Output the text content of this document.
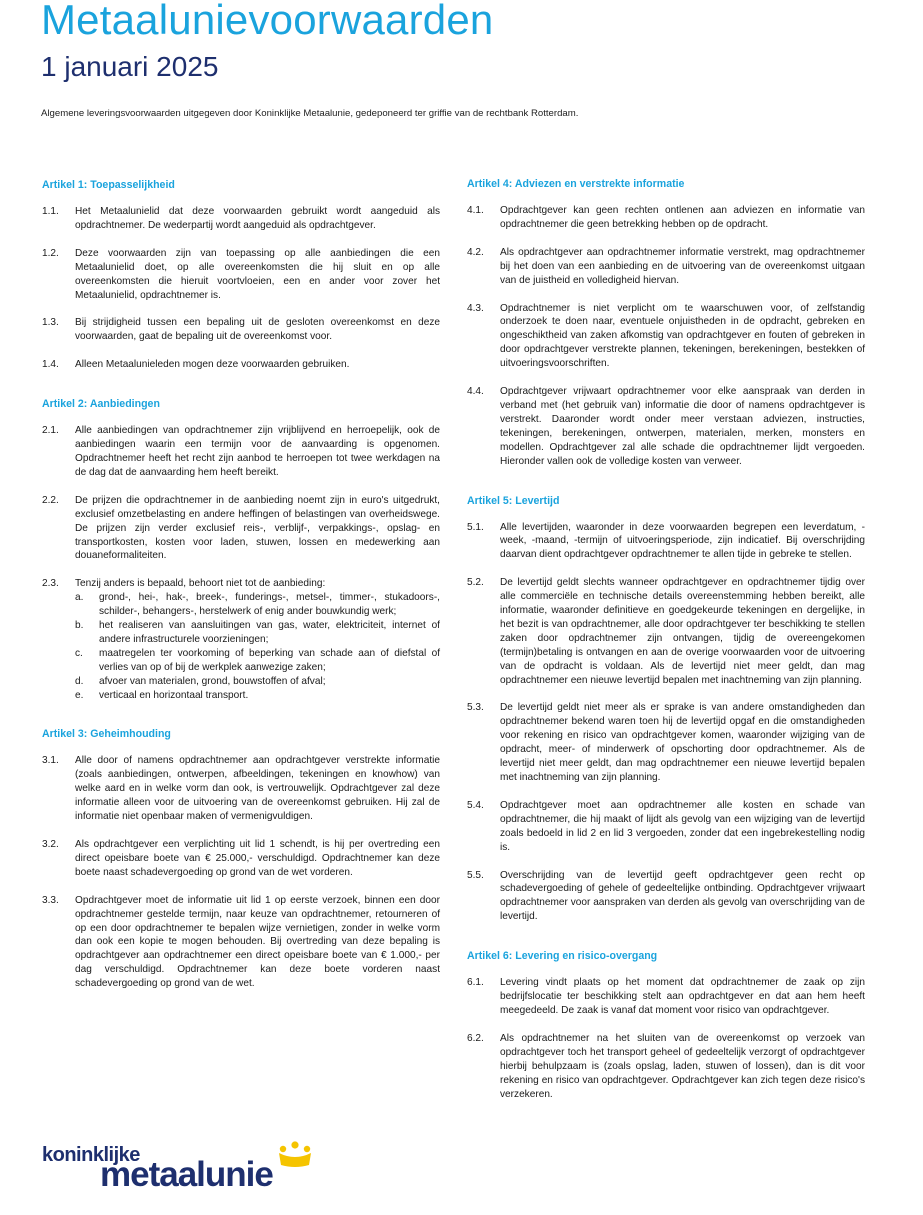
Metaalunievoorwaarden
1 januari 2025
Algemene leveringsvoorwaarden uitgegeven door Koninklijke Metaalunie, gedeponeerd ter griffie van de rechtbank Rotterdam.
Artikel 1: Toepasselijkheid
1.1.	Het Metaalunielid dat deze voorwaarden gebruikt wordt aangeduid als opdrachtnemer. De wederpartij wordt aangeduid als opdrachtgever.
1.2.	Deze voorwaarden zijn van toepassing op alle aanbiedingen die een Metaalunielid doet, op alle overeenkomsten die hij sluit en op alle overeenkomsten die hieruit voortvloeien, een en ander voor zover het Metaalunielid, opdrachtnemer is.
1.3.	Bij strijdigheid tussen een bepaling uit de gesloten overeenkomst en deze voorwaarden, gaat de bepaling uit de overeenkomst voor.
1.4.	Alleen Metaalunieleden mogen deze voorwaarden gebruiken.
Artikel 2: Aanbiedingen
2.1.	Alle aanbiedingen van opdrachtnemer zijn vrijblijvend en herroepelijk, ook de aanbiedingen waarin een termijn voor de aanvaarding is opgenomen. Opdrachtnemer heeft het recht zijn aanbod te herroepen tot twee werkdagen na de dag dat de aanvaarding hem heeft bereikt.
2.2.	De prijzen die opdrachtnemer in de aanbieding noemt zijn in euro's uitgedrukt, exclusief omzetbelasting en andere heffingen of belastingen van overheidswege. De prijzen zijn verder exclusief reis-, verblijf-, verpakkings-, opslag- en transportkosten, kosten voor laden, stuwen, lossen en medewerking aan douaneformaliteiten.
2.3.	Tenzij anders is bepaald, behoort niet tot de aanbieding:
a.	grond-, hei-, hak-, breek-, funderings-, metsel-, timmer-, stukadoors-, schilder-, behangers-, herstelwerk of enig ander bouwkundig werk;
b.	het realiseren van aansluitingen van gas, water, elektriciteit, internet of andere infrastructurele voorzieningen;
c.	maatregelen ter voorkoming of beperking van schade aan of diefstal of verlies van op of bij de werkplek aanwezige zaken;
d.	afvoer van materialen, grond, bouwstoffen of afval;
e.	verticaal en horizontaal transport.
Artikel 3: Geheimhouding
3.1.	Alle door of namens opdrachtnemer aan opdrachtgever verstrekte informatie (zoals aanbiedingen, ontwerpen, afbeeldingen, tekeningen en knowhow) van welke aard en in welke vorm dan ook, is vertrouwelijk. Opdrachtgever zal deze informatie alleen voor de uitvoering van de overeenkomst gebruiken. Hij zal de informatie niet openbaar maken of vermenigvuldigen.
3.2.	Als opdrachtgever een verplichting uit lid 1 schendt, is hij per overtreding een direct opeisbare boete van € 25.000,- verschuldigd. Opdrachtnemer kan deze boete naast schadevergoeding op grond van de wet vorderen.
3.3.	Opdrachtgever moet de informatie uit lid 1 op eerste verzoek, binnen een door opdrachtnemer gestelde termijn, naar keuze van opdrachtnemer, retourneren of op een door opdrachtnemer te bepalen wijze vernietigen, zonder in welke vorm dan ook een kopie te mogen behouden. Bij overtreding van deze bepaling is opdrachtgever aan opdrachtnemer een direct opeisbare boete van € 1.000,- per dag verschuldigd. Opdrachtnemer kan deze boete vorderen naast schadevergoeding op grond van de wet.
Artikel 4: Adviezen en verstrekte informatie
4.1.	Opdrachtgever kan geen rechten ontlenen aan adviezen en informatie van opdrachtnemer die geen betrekking hebben op de opdracht.
4.2.	Als opdrachtgever aan opdrachtnemer informatie verstrekt, mag opdrachtnemer bij het doen van een aanbieding en de uitvoering van de overeenkomst uitgaan van de juistheid en volledigheid hiervan.
4.3.	Opdrachtnemer is niet verplicht om te waarschuwen voor, of zelfstandig onderzoek te doen naar, eventuele onjuistheden in de opdracht, gebreken en ongeschiktheid van zaken afkomstig van opdrachtgever en fouten of gebreken in door opdrachtgever verstrekte plannen, tekeningen, berekeningen, bestekken of uitvoeringsvoorschriften.
4.4.	Opdrachtgever vrijwaart opdrachtnemer voor elke aanspraak van derden in verband met (het gebruik van) informatie die door of namens opdrachtgever is verstrekt. Daaronder wordt onder meer verstaan adviezen, instructies, tekeningen, berekeningen, ontwerpen, materialen, merken, monsters en modellen. Opdrachtgever zal alle schade die opdrachtnemer lijdt vergoeden. Hieronder vallen ook de volledige kosten van verweer.
Artikel 5: Levertijd
5.1.	Alle levertijden, waaronder in deze voorwaarden begrepen een leverdatum, -week, -maand, -termijn of uitvoeringsperiode, zijn indicatief. Bij overschrijding daarvan dient opdrachtgever opdrachtnemer te allen tijde in gebreke te stellen.
5.2.	De levertijd geldt slechts wanneer opdrachtgever en opdrachtnemer tijdig over alle commerciële en technische details overeenstemming hebben bereikt, alle informatie, waaronder definitieve en goedgekeurde tekeningen en dergelijke, in het bezit is van opdrachtnemer, alle door opdrachtgever ter beschikking te stellen zaken door opdrachtnemer zijn ontvangen, tijdig de overeengekomen (termijn)betaling is ontvangen en aan de overige voorwaarden voor de uitvoering van de opdracht is voldaan. Als de levertijd niet meer geldt, dan mag opdrachtnemer een nieuwe levertijd bepalen met inachtneming van zijn planning.
5.3.	De levertijd geldt niet meer als er sprake is van andere omstandigheden dan opdrachtnemer bekend waren toen hij de levertijd opgaf en die omstandigheden voor rekening en risico van opdrachtgever komen, waaronder wijziging van de opdracht, meer- of minderwerk of opschorting door opdrachtnemer. Als de levertijd niet meer geldt, dan mag opdrachtnemer een nieuwe levertijd bepalen met inachtneming van zijn planning.
5.4.	Opdrachtgever moet aan opdrachtnemer alle kosten en schade van opdrachtnemer, die hij maakt of lijdt als gevolg van een wijziging van de levertijd zoals bedoeld in lid 2 en lid 3 vergoeden, zonder dat een ingebrekestelling nodig is.
5.5.	Overschrijding van de levertijd geeft opdrachtgever geen recht op schadevergoeding of gehele of gedeeltelijke ontbinding. Opdrachtgever vrijwaart opdrachtnemer voor aanspraken van derden als gevolg van overschrijding van de levertijd.
Artikel 6: Levering en risico-overgang
6.1.	Levering vindt plaats op het moment dat opdrachtnemer de zaak op zijn bedrijfslocatie ter beschikking stelt aan opdrachtgever en dat aan hem heeft meegedeeld. De zaak is vanaf dat moment voor risico van opdrachtgever.
6.2.	Als opdrachtnemer na het sluiten van de overeenkomst op verzoek van opdrachtgever toch het transport geheel of gedeeltelijk verzorgt of opdrachtgever hierbij behulpzaam is (zoals opslag, laden, stuwen of lossen), dan is dit voor rekening en risico van opdrachtgever. Opdrachtgever kan zich tegen deze risico's verzekeren.
koninklijke
metaalunie
